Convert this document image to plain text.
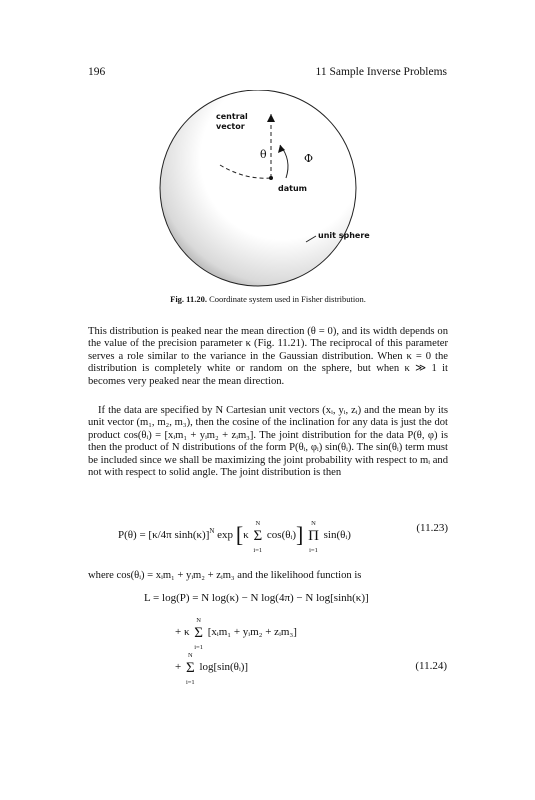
196	11 Sample Inverse Problems
central
vector
θ	Φ
datum
unit sphere
Fig. 11.20. Coordinate system used in Fisher distribution.
This distribution is peaked near the mean direction (θ = 0), and its width depends on the value of the precision parameter κ (Fig. 11.21). The reciprocal of this parameter serves a role similar to the variance in the Gaussian distribution. When κ = 0 the distribution is completely white or random on the sphere, but when κ ≫ 1 it becomes very peaked near the mean direction.
If the data are specified by N Cartesian unit vectors (xᵢ, yᵢ, zᵢ) and the mean by its unit vector (m₁, m₂, m₃), then the cosine of the inclination for any data is just the dot product cos(θᵢ) = [xᵢm₁ + yᵢm₂ + zᵢm₃]. The joint distribution for the data P(θ, φ) is then the product of N distributions of the form P(θᵢ, φᵢ) sin(θᵢ). The sin(θᵢ) term must be included since we shall be maximizing the joint probability with respect to mᵢ and not with respect to solid angle. The joint distribution is then
P(θ) = [κ/4π sinh(κ)]$^N$ exp [κ Σ
N
i=1
cos(θᵢ)] Π
N
i=1
sin(θᵢ)
(11.23)
where cos(θᵢ) = xᵢm₁ + yᵢm₂ + zᵢm₃ and the likelihood function is
L = log(P) = N log(κ) − N log(4π) − N log[sinh(κ)]
+ κ Σ
N
i=1
[xᵢm₁ + yᵢm₂ + zᵢm₃]
+ Σ
N
i=1
log[sin(θᵢ)]	(11.24)
